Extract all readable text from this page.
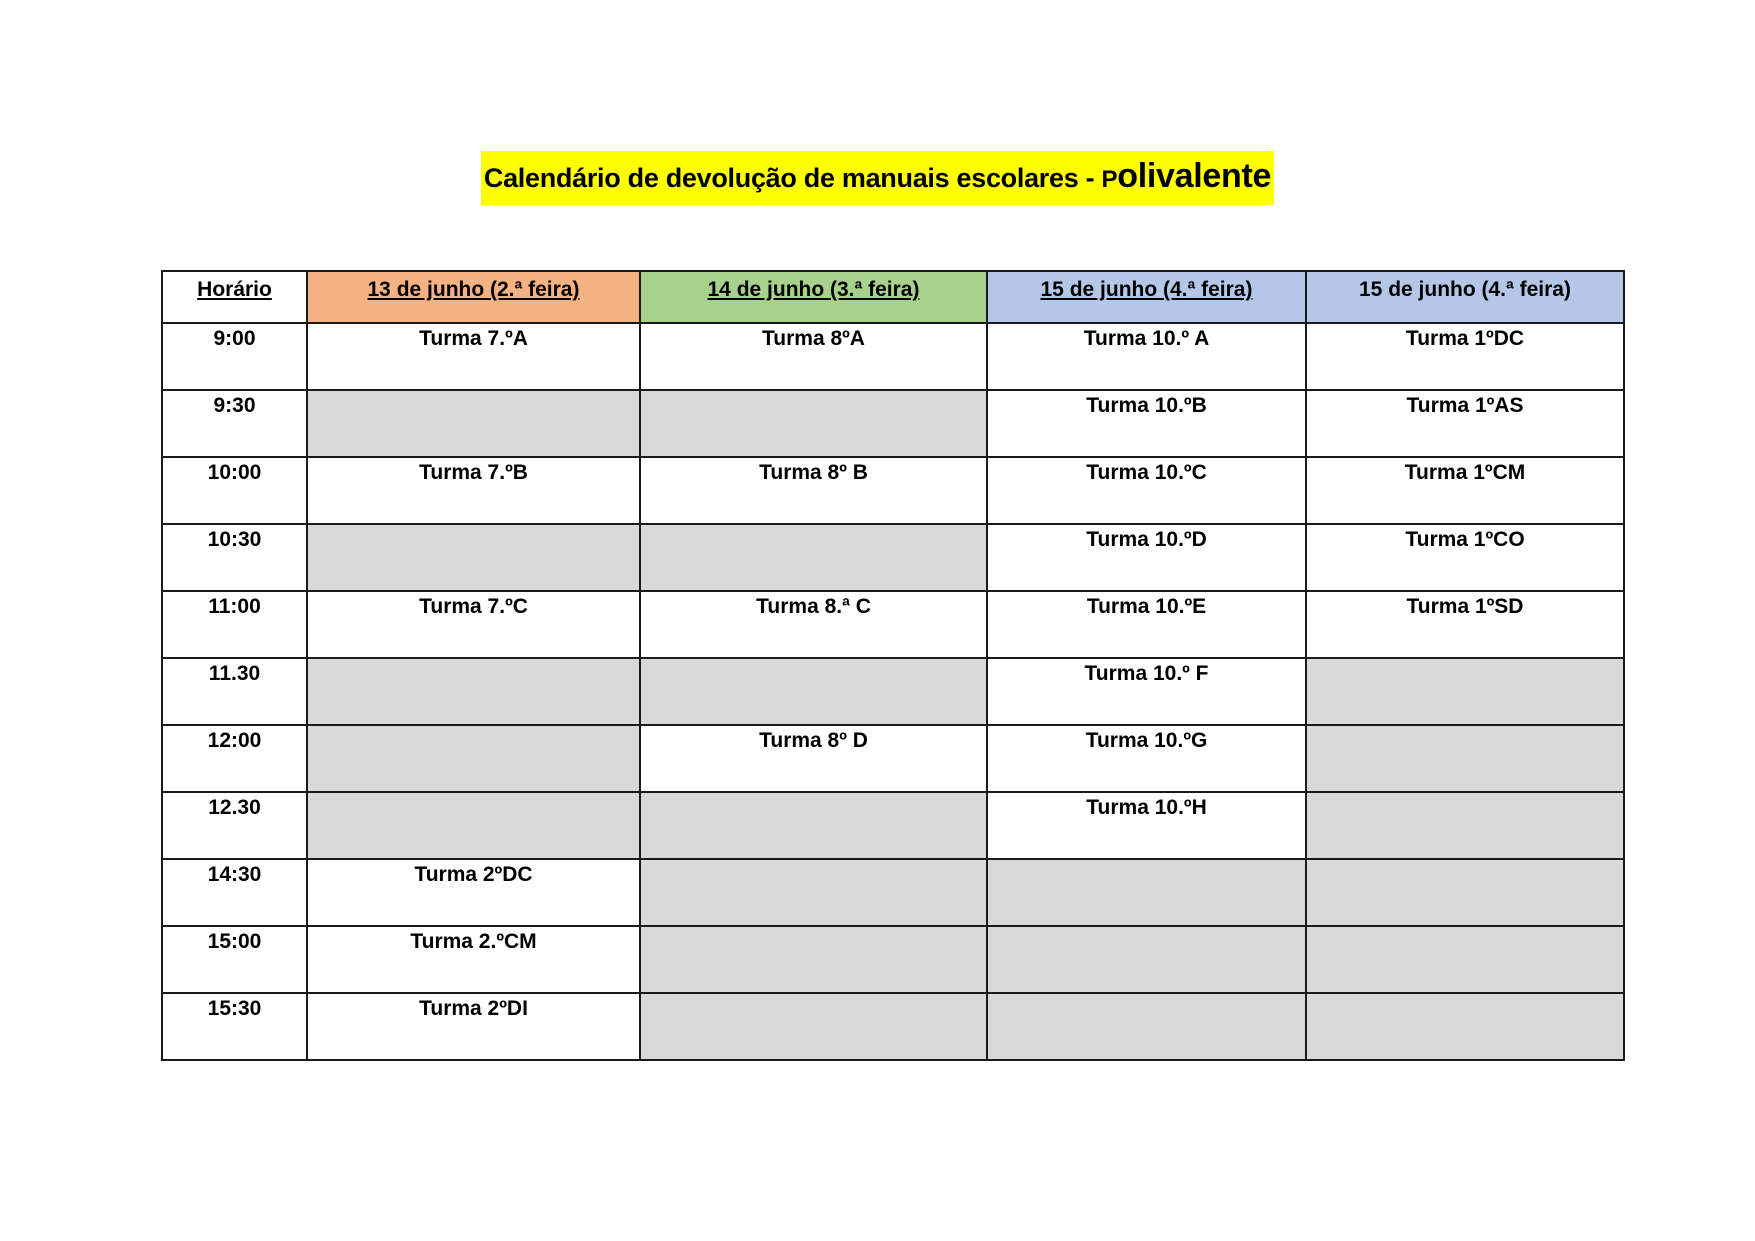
Calendário de devolução de manuais escolares - Polivalente
Horário	13 de junho (2.ª feira)	14 de junho (3.ª feira)	15 de junho (4.ª feira)	15 de junho (4.ª feira)
9:00	Turma 7.ºA	Turma 8ºA	Turma 10.º A	Turma 1ºDC
9:30			Turma 10.ºB	Turma 1ºAS
10:00	Turma 7.ºB	Turma 8º B	Turma 10.ºC	Turma 1ºCM
10:30			Turma 10.ºD	Turma 1ºCO
11:00	Turma 7.ºC	Turma 8.ª C	Turma 10.ºE	Turma 1ºSD
11.30			Turma 10.º F	
12:00		Turma 8º D	Turma 10.ºG	
12.30			Turma 10.ºH	
14:30	Turma 2ºDC			
15:00	Turma 2.ºCM			
15:30	Turma 2ºDI			
